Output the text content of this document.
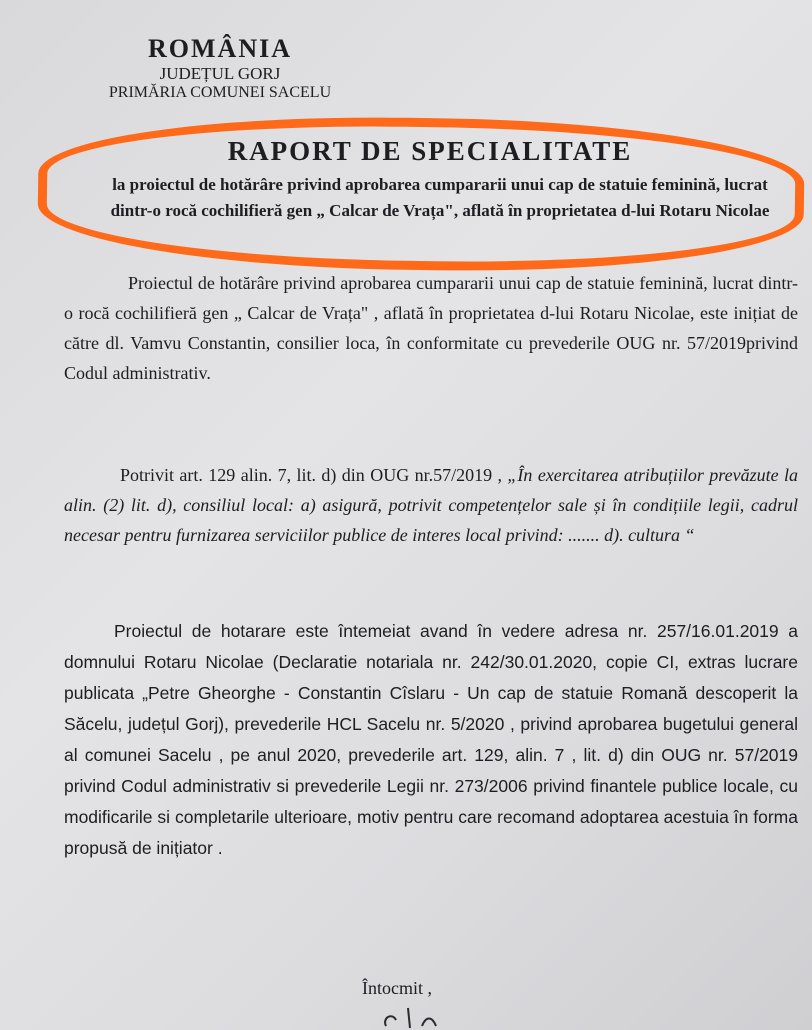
ROMÂNIA
JUDEȚUL GORJ
PRIMĂRIA COMUNEI SACELU
RAPORT DE SPECIALITATE
la proiectul de hotărâre privind aprobarea cumpararii unui cap de statuie feminină, lucrat dintr-o rocă cochilifieră gen „ Calcar de Vrața", aflată în proprietatea d-lui Rotaru Nicolae
Proiectul de hotărâre privind aprobarea cumpararii unui cap de statuie feminină, lucrat dintr-o rocă cochilifieră gen „ Calcar de Vrața" , aflată în proprietatea d-lui Rotaru Nicolae, este inițiat de către dl. Vamvu Constantin, consilier loca, în conformitate cu prevederile OUG nr. 57/2019privind Codul administrativ.
Potrivit art. 129 alin. 7, lit. d) din OUG nr.57/2019 , „În exercitarea atribuțiilor prevăzute la alin. (2) lit. d), consiliul local: a) asigură, potrivit competențelor sale și în condițiile legii, cadrul necesar pentru furnizarea serviciilor publice de interes local privind: ....... d). cultura “
Proiectul de hotarare este întemeiat avand în vedere adresa nr. 257/16.01.2019 a domnului Rotaru Nicolae (Declaratie notariala nr. 242/30.01.2020, copie CI, extras lucrare publicata „Petre Gheorghe - Constantin Cîslaru - Un cap de statuie Romană descoperit la Săcelu, județul Gorj), prevederile HCL Sacelu nr. 5/2020 , privind aprobarea bugetului general al comunei Sacelu , pe anul 2020, prevederile art. 129, alin. 7 , lit. d) din OUG nr. 57/2019 privind Codul administrativ si prevederile Legii nr. 273/2006 privind finantele publice locale, cu modificarile si completarile ulterioare, motiv pentru care recomand adoptarea acestuia în forma propusă de inițiator .
Întocmit ,
